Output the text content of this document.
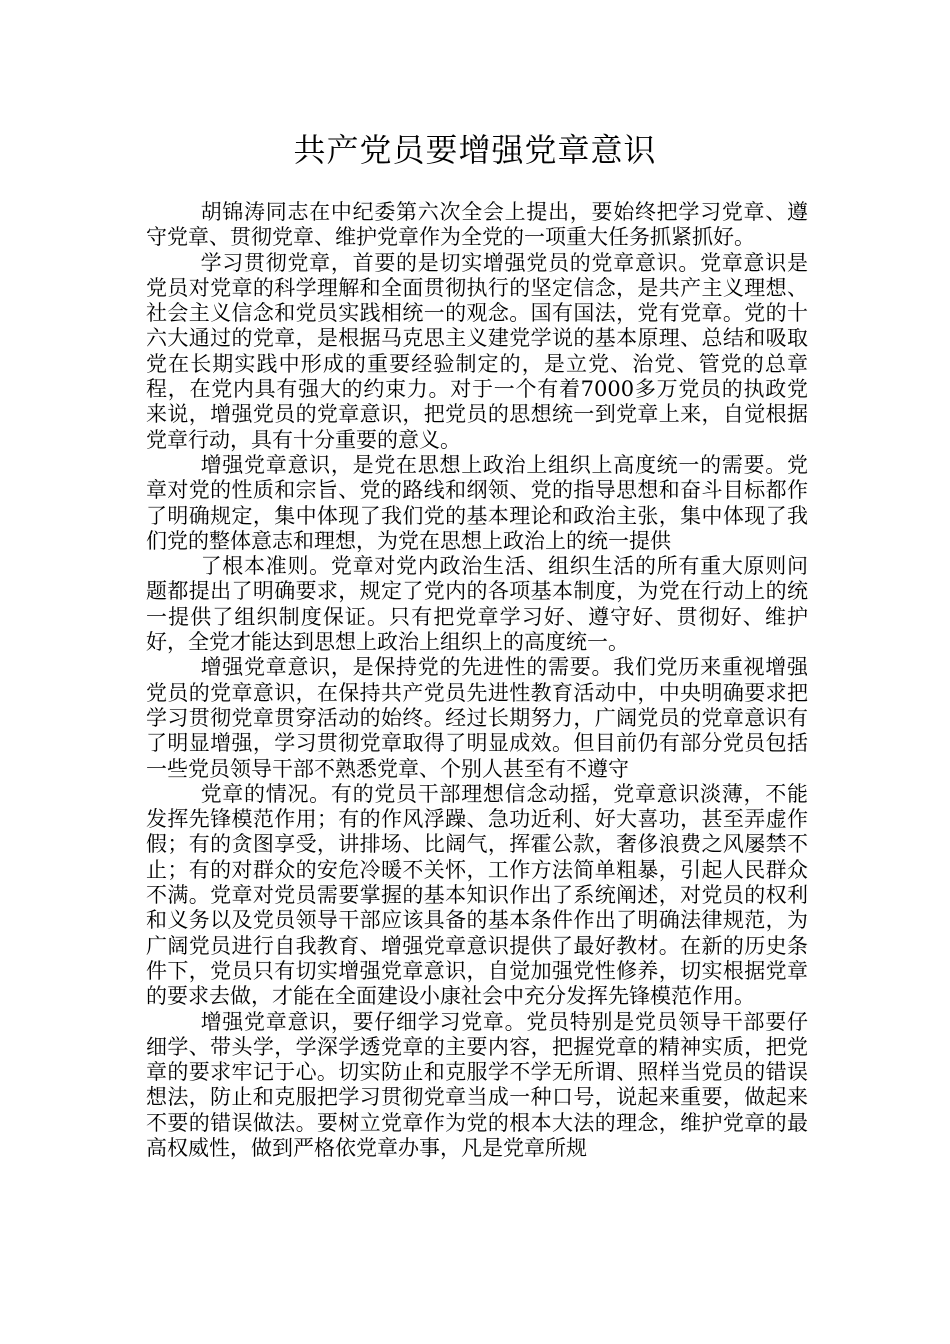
共产党员要增强党章意识

胡锦涛同志在中纪委第六次全会上提出，要始终把学习党章、遵守党章、贯彻党章、维护党章作为全党的一项重大任务抓紧抓好。

学习贯彻党章，首要的是切实增强党员的党章意识。党章意识是党员对党章的科学理解和全面贯彻执行的坚定信念，是共产主义理想、社会主义信念和党员实践相统一的观念。国有国法，党有党章。党的十六大通过的党章，是根据马克思主义建党学说的基本原理、总结和吸取党在长期实践中形成的重要经验制定的，是立党、治党、管党的总章程，在党内具有强大的约束力。对于一个有着7000多万党员的执政党来说，增强党员的党章意识，把党员的思想统一到党章上来，自觉根据党章行动，具有十分重要的意义。

增强党章意识，是党在思想上政治上组织上高度统一的需要。党章对党的性质和宗旨、党的路线和纲领、党的指导思想和奋斗目标都作了明确规定，集中体现了我们党的基本理论和政治主张，集中体现了我们党的整体意志和理想，为党在思想上政治上的统一提供

了根本准则。党章对党内政治生活、组织生活的所有重大原则问题都提出了明确要求，规定了党内的各项基本制度，为党在行动上的统一提供了组织制度保证。只有把党章学习好、遵守好、贯彻好、维护好，全党才能达到思想上政治上组织上的高度统一。

增强党章意识，是保持党的先进性的需要。我们党历来重视增强党员的党章意识，在保持共产党员先进性教育活动中，中央明确要求把学习贯彻党章贯穿活动的始终。经过长期努力，广阔党员的党章意识有了明显增强，学习贯彻党章取得了明显成效。但目前仍有部分党员包括一些党员领导干部不熟悉党章、个别人甚至有不遵守

党章的情况。有的党员干部理想信念动摇，党章意识淡薄，不能发挥先锋模范作用；有的作风浮躁、急功近利、好大喜功，甚至弄虚作假；有的贪图享受，讲排场、比阔气，挥霍公款，奢侈浪费之风屡禁不止；有的对群众的安危冷暖不关怀，工作方法简单粗暴，引起人民群众不满。党章对党员需要掌握的基本知识作出了系统阐述，对党员的权利和义务以及党员领导干部应该具备的基本条件作出了明确法律规范，为广阔党员进行自我教育、增强党章意识提供了最好教材。在新的历史条件下，党员只有切实增强党章意识，自觉加强党性修养，切实根据党章的要求去做，才能在全面建设小康社会中充分发挥先锋模范作用。

增强党章意识，要仔细学习党章。党员特别是党员领导干部要仔细学、带头学，学深学透党章的主要内容，把握党章的精神实质，把党章的要求牢记于心。切实防止和克服学不学无所谓、照样当党员的错误想法，防止和克服把学习贯彻党章当成一种口号，说起来重要，做起来不要的错误做法。要树立党章作为党的根本大法的理念，维护党章的最高权威性，做到严格依党章办事，凡是党章所规
